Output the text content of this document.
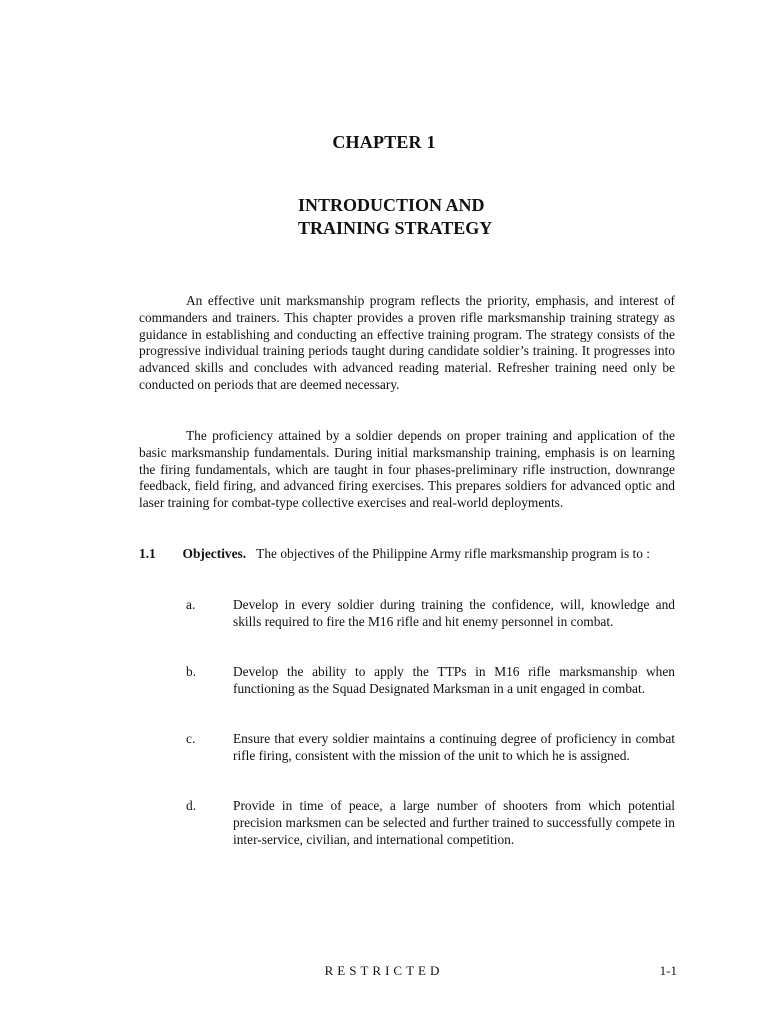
CHAPTER 1
INTRODUCTION AND
TRAINING STRATEGY
An effective unit marksmanship program reflects the priority, emphasis, and interest of commanders and trainers. This chapter provides a proven rifle marksmanship training strategy as guidance in establishing and conducting an effective training program. The strategy consists of the progressive individual training periods taught during candidate soldier’s training. It progresses into advanced skills and concludes with advanced reading material. Refresher training need only be conducted on periods that are deemed necessary.
The proficiency attained by a soldier depends on proper training and application of the basic marksmanship fundamentals. During initial marksmanship training, emphasis is on learning the firing fundamentals, which are taught in four phases-preliminary rifle instruction, downrange feedback, field firing, and advanced firing exercises. This prepares soldiers for advanced optic and laser training for combat-type collective exercises and real-world deployments.
1.1 Objectives. The objectives of the Philippine Army rifle marksmanship program is to :
a.	Develop in every soldier during training the confidence, will, knowledge and skills required to fire the M16 rifle and hit enemy personnel in combat.
b.	Develop the ability to apply the TTPs in M16 rifle marksmanship when functioning as the Squad Designated Marksman in a unit engaged in combat.
c.	Ensure that every soldier maintains a continuing degree of proficiency in combat rifle firing, consistent with the mission of the unit to which he is assigned.
d.	Provide in time of peace, a large number of shooters from which potential precision marksmen can be selected and further trained to successfully compete in inter-service, civilian, and international competition.
RESTRICTED	1-1
